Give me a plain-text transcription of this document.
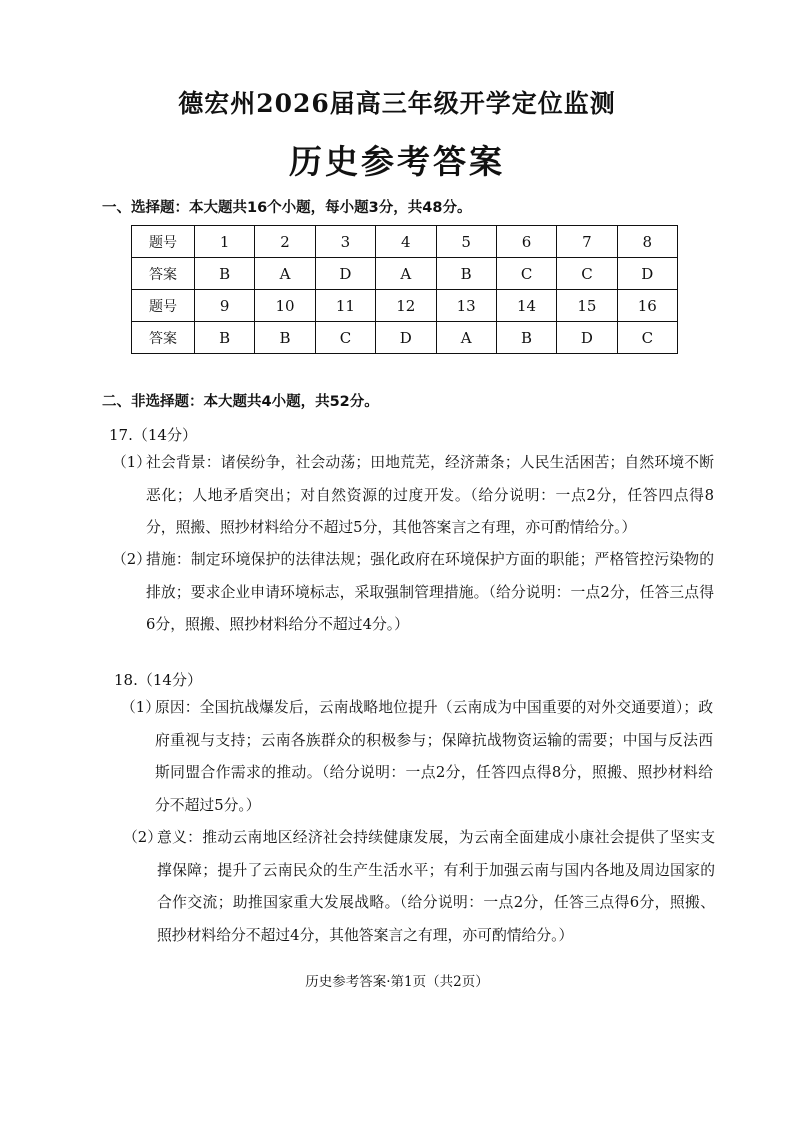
德宏州2026届高三年级开学定位监测
历史参考答案
一、选择题：本大题共16个小题，每小题3分，共48分。
题号	1	2	3	4	5	6	7	8
答案	B	A	D	A	B	C	C	D
题号	9	10	11	12	13	14	15	16
答案	B	B	C	D	A	B	D	C
二、非选择题：本大题共4小题，共52分。
17.（14分）
（1）
社会背景：诸侯纷争，社会动荡；田地荒芜，经济萧条；人民生活困苦；自然环境不断恶化；人地矛盾突出；对自然资源的过度开发。（给分说明：一点2分，任答四点得8分，照搬、照抄材料给分不超过5分，其他答案言之有理，亦可酌情给分。）
（2）
措施：制定环境保护的法律法规；强化政府在环境保护方面的职能；严格管控污染物的排放；要求企业申请环境标志，采取强制管理措施。（给分说明：一点2分，任答三点得6分，照搬、照抄材料给分不超过4分。）
18.（14分）
（1）
原因：全国抗战爆发后，云南战略地位提升（云南成为中国重要的对外交通要道）；政府重视与支持；云南各族群众的积极参与；保障抗战物资运输的需要；中国与反法西斯同盟合作需求的推动。（给分说明：一点2分，任答四点得8分，照搬、照抄材料给分不超过5分。）
（2）
意义：推动云南地区经济社会持续健康发展，为云南全面建成小康社会提供了坚实支撑保障；提升了云南民众的生产生活水平；有利于加强云南与国内各地及周边国家的合作交流；助推国家重大发展战略。（给分说明：一点2分，任答三点得6分，照搬、照抄材料给分不超过4分，其他答案言之有理，亦可酌情给分。）
历史参考答案·第1页（共2页）
